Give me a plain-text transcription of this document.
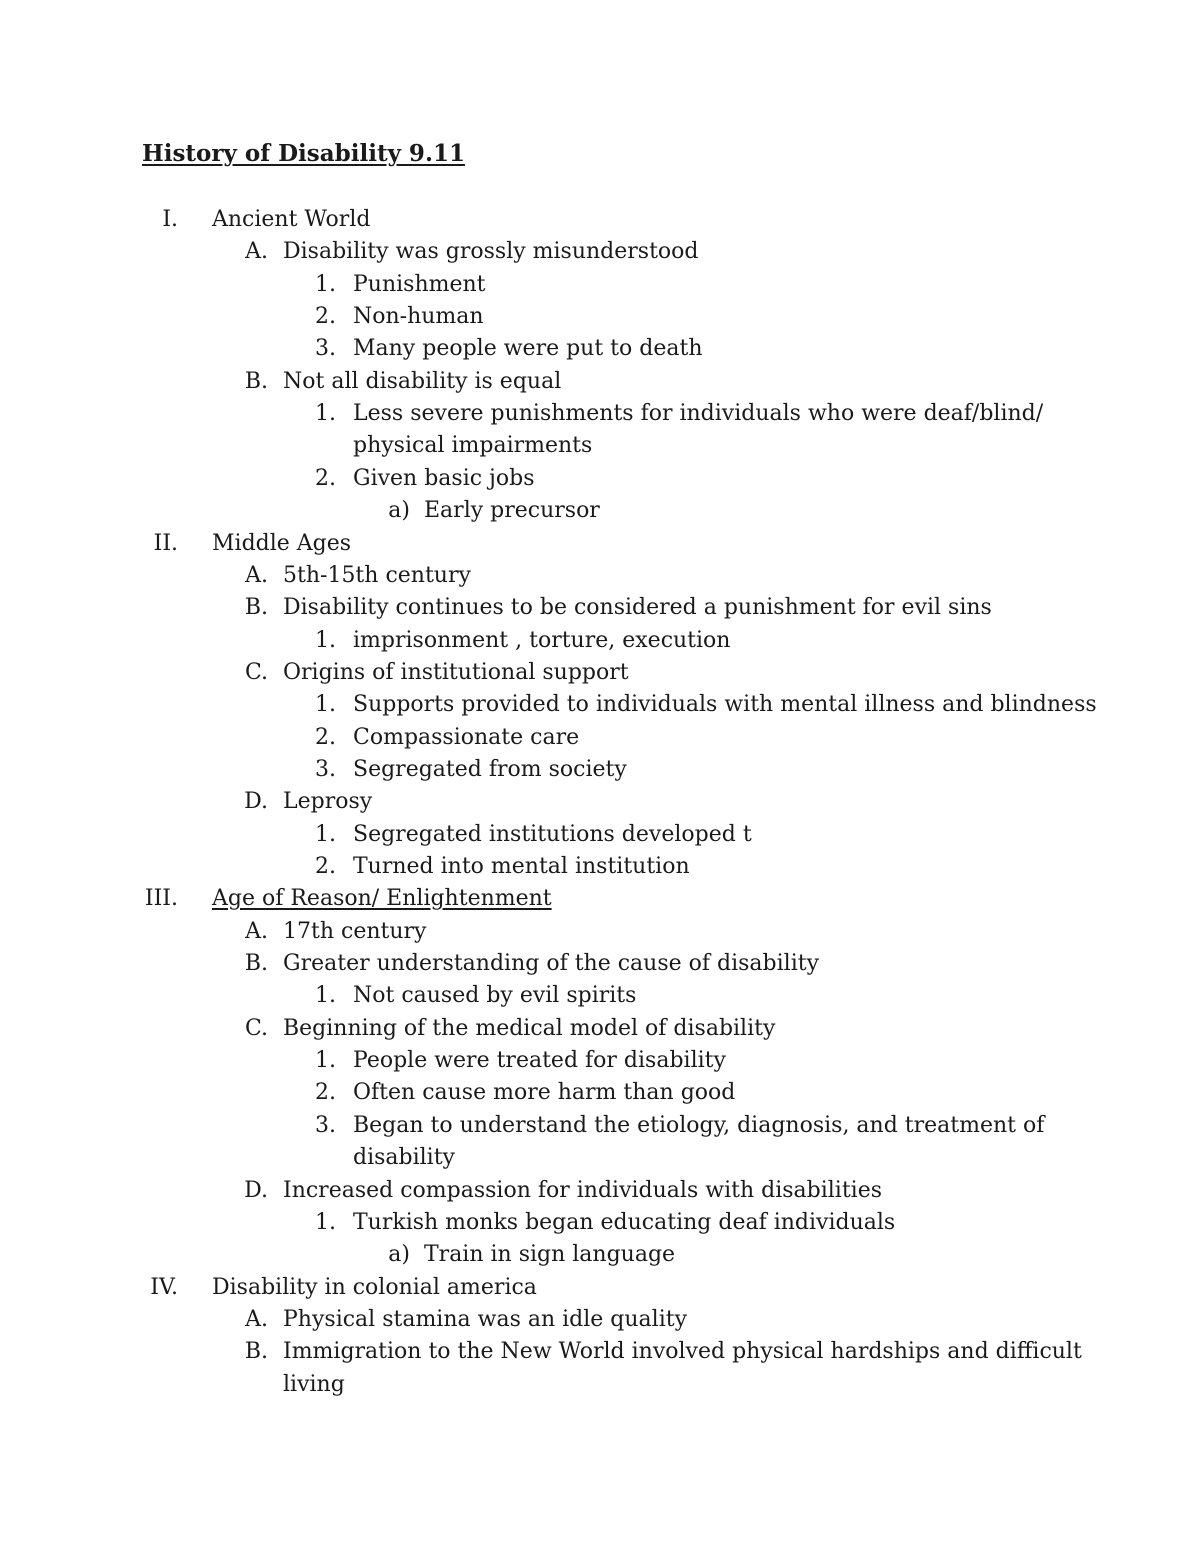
History of Disability 9.11
I. Ancient World
A. Disability was grossly misunderstood
1. Punishment
2. Non-human
3. Many people were put to death
B. Not all disability is equal
1. Less severe punishments for individuals who were deaf/blind/
physical impairments
2. Given basic jobs
a) Early precursor
II. Middle Ages
A. 5th-15th century
B. Disability continues to be considered a punishment for evil sins
1. imprisonment , torture, execution
C. Origins of institutional support
1. Supports provided to individuals with mental illness and blindness
2. Compassionate care
3. Segregated from society
D. Leprosy
1. Segregated institutions developed t
2. Turned into mental institution
III. Age of Reason/ Enlightenment
A. 17th century
B. Greater understanding of the cause of disability
1. Not caused by evil spirits
C. Beginning of the medical model of disability
1. People were treated for disability
2. Often cause more harm than good
3. Began to understand the etiology, diagnosis, and treatment of
disability
D. Increased compassion for individuals with disabilities
1. Turkish monks began educating deaf individuals
a) Train in sign language
IV. Disability in colonial america
A. Physical stamina was an idle quality
B. Immigration to the New World involved physical hardships and difficult
living
